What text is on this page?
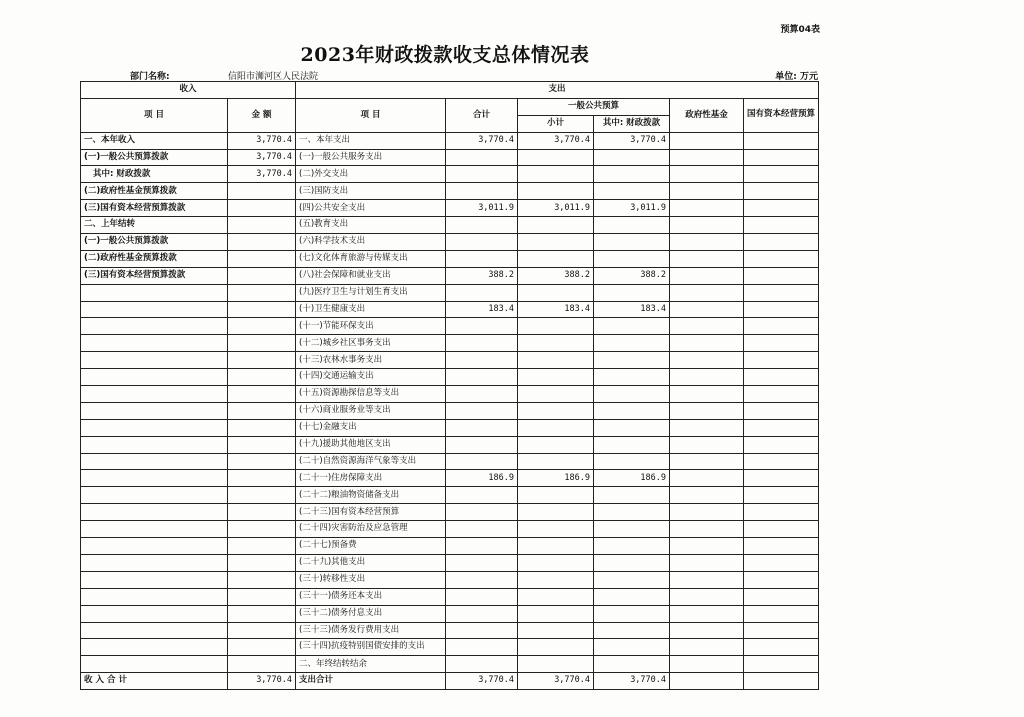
预算04表
2023年财政拨款收支总体情况表
部门名称:	信阳市浉河区人民法院	单位: 万元
收入		支出					
项 目	金 额	项 目	合计	一般公共预算		政府性基金	国有资本经营预算
				小计	其中: 财政拨款		
一、本年收入	3,770.4	一、本年支出	3,770.4	3,770.4	3,770.4		
(一)一般公共预算拨款	3,770.4	(一)一般公共服务支出					
其中: 财政拨款	3,770.4	(二)外交支出					
(二)政府性基金预算拨款		(三)国防支出					
(三)国有资本经营预算拨款		(四)公共安全支出	3,011.9	3,011.9	3,011.9		
二、上年结转		(五)教育支出					
(一)一般公共预算拨款		(六)科学技术支出					
(二)政府性基金预算拨款		(七)文化体育旅游与传媒支出					
(三)国有资本经营预算拨款		(八)社会保障和就业支出	388.2	388.2	388.2		
		(九)医疗卫生与计划生育支出					
		(十)卫生健康支出	183.4	183.4	183.4		
		(十一)节能环保支出					
		(十二)城乡社区事务支出					
		(十三)农林水事务支出					
		(十四)交通运输支出					
		(十五)资源勘探信息等支出					
		(十六)商业服务业等支出					
		(十七)金融支出					
		(十九)援助其他地区支出					
		(二十)自然资源海洋气象等支出					
		(二十一)住房保障支出	186.9	186.9	186.9		
		(二十二)粮油物资储备支出					
		(二十三)国有资本经营预算					
		(二十四)灾害防治及应急管理					
		(二十七)预备费					
		(二十九)其他支出					
		(三十)转移性支出					
		(三十一)债务还本支出					
		(三十二)债务付息支出					
		(三十三)债务发行费用支出					
		(三十四)抗疫特别国债安排的支出					
		二、年终结转结余					
收入合计	3,770.4	支出合计	3,770.4	3,770.4	3,770.4		
